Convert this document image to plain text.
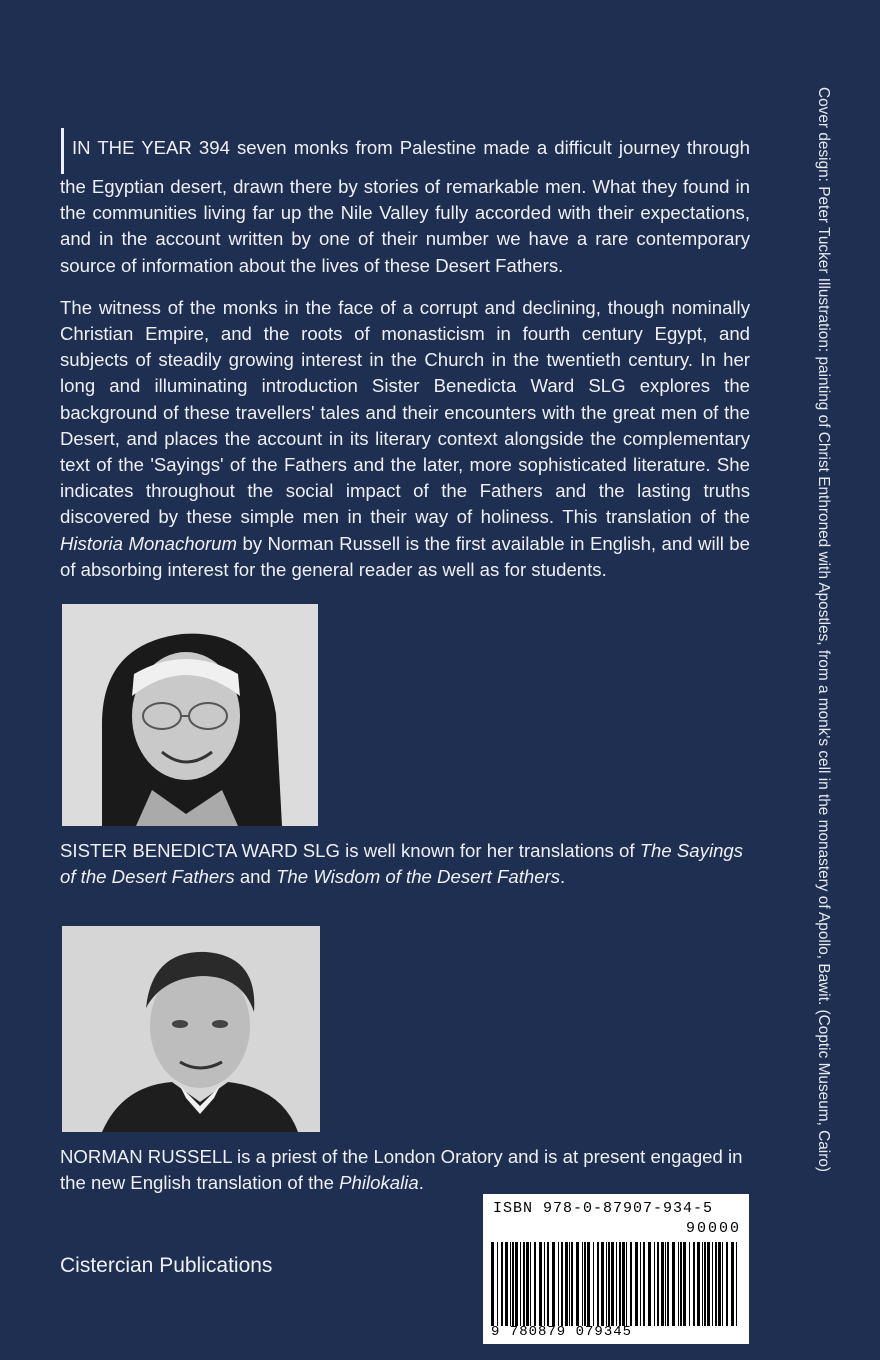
IN THE YEAR 394 seven monks from Palestine made a difficult journey through the Egyptian desert, drawn there by stories of remarkable men. What they found in the communities living far up the Nile Valley fully accorded with their expectations, and in the account written by one of their number we have a rare contemporary source of information about the lives of these Desert Fathers.

The witness of the monks in the face of a corrupt and declining, though nominally Christian Empire, and the roots of monasticism in fourth century Egypt, and subjects of steadily growing interest in the Church in the twentieth century. In her long and illuminating introduction Sister Benedicta Ward SLG explores the background of these travellers' tales and their encounters with the great men of the Desert, and places the account in its literary context alongside the complementary text of the 'Sayings' of the Fathers and the later, more sophisticated literature. She indicates throughout the social impact of the Fathers and the lasting truths discovered by these simple men in their way of holiness. This translation of the Historia Monachorum by Norman Russell is the first available in English, and will be of absorbing interest for the general reader as well as for students.

SISTER BENEDICTA WARD SLG is well known for her translations of The Sayings of the Desert Fathers and The Wisdom of the Desert Fathers.
NORMAN RUSSELL is a priest of the London Oratory and is at present engaged in the new English translation of the Philokalia.
Cistercian Publications
Cover design: Peter Tucker Illustration: painting of Christ Enthroned with Apostles, from a monk's cell in the monastery of Apollo, Bawit. (Coptic Museum, Cairo)
ISBN 978-0-87907-934-5
90000
9 780879 079345
